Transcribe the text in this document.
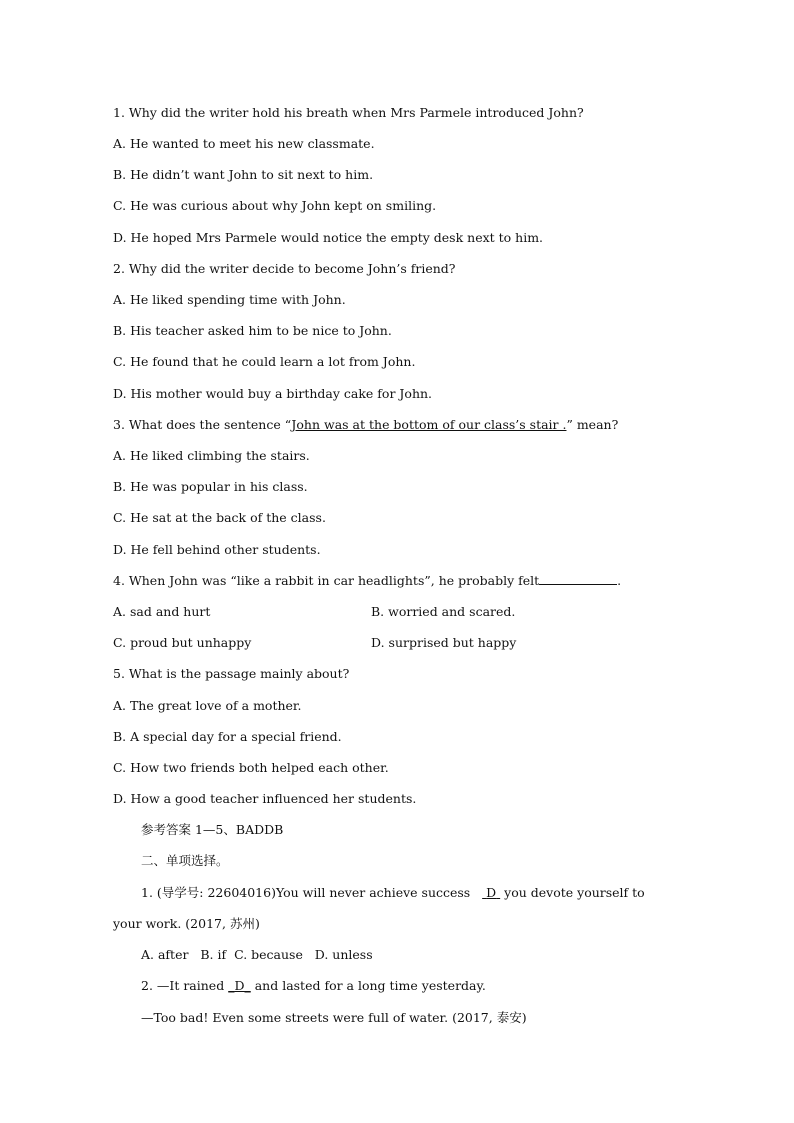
1. Why did the writer hold his breath when Mrs Parmele introduced John?
A. He wanted to meet his new classmate.
B. He didn’t want John to sit next to him.
C. He was curious about why John kept on smiling.
D. He hoped Mrs Parmele would notice the empty desk next to him.
2. Why did the writer decide to become John’s friend?
A. He liked spending time with John.
B. His teacher asked him to be nice to John.
C. He found that he could learn a lot from John.
D. His mother would buy a birthday cake for John.
3. What does the sentence “John was at the bottom of our class’s stair .” mean?
A. He liked climbing the stairs.
B. He was popular in his class.
C. He sat at the back of the class.
D. He fell behind other students.
4. When John was “like a rabbit in car headlights”, he probably felt	.
A. sad and hurt	B. worried and scared.
C. proud but unhappy	D. surprised but happy
5. What is the passage mainly about?
A. The great love of a mother.
B. A special day for a special friend.
C. How two friends both helped each other.
D. How a good teacher influenced her students.
参考答案 1—5、BADDB
二、单项选择。
1. (导学号: 22604016)You will never achieve success D you devote yourself to
your work. (2017, 苏州)
A. after   B. if  C. because   D. unless
2. —It rained _D_ and lasted for a long time yesterday.
—Too bad! Even some streets were full of water. (2017, 泰安)
